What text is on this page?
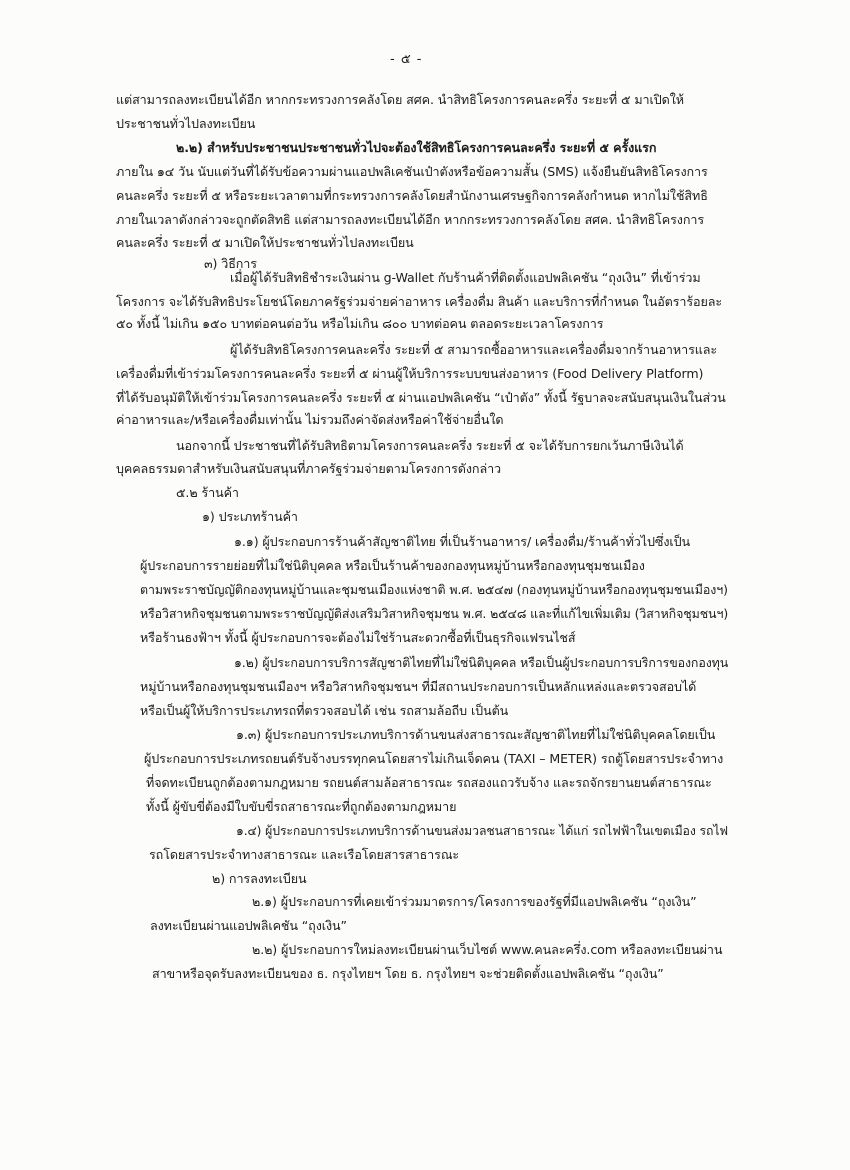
- ๕ -
แต่สามารถลงทะเบียนได้อีก หากกระทรวงการคลังโดย สศค. นำสิทธิโครงการคนละครึ่ง ระยะที่ ๕ มาเปิดให้
ประชาชนทั่วไปลงทะเบียน
๒.๒) สำหรับประชาชนประชาชนทั่วไปจะต้องใช้สิทธิโครงการคนละครึ่ง ระยะที่ ๕ ครั้งแรก
ภายใน ๑๔ วัน นับแต่วันที่ได้รับข้อความผ่านแอปพลิเคชันเป๋าตังหรือข้อความสั้น (SMS) แจ้งยืนยันสิทธิโครงการ
คนละครึ่ง ระยะที่ ๕ หรือระยะเวลาตามที่กระทรวงการคลังโดยสำนักงานเศรษฐกิจการคลังกำหนด หากไม่ใช้สิทธิ
ภายในเวลาดังกล่าวจะถูกตัดสิทธิ แต่สามารถลงทะเบียนได้อีก หากกระทรวงการคลังโดย สศค. นำสิทธิโครงการ
คนละครึ่ง ระยะที่ ๕ มาเปิดให้ประชาชนทั่วไปลงทะเบียน
๓) วิธีการ
เมื่อผู้ได้รับสิทธิชำระเงินผ่าน g-Wallet กับร้านค้าที่ติดตั้งแอปพลิเคชัน “ถุงเงิน” ที่เข้าร่วม
โครงการ จะได้รับสิทธิประโยชน์โดยภาครัฐร่วมจ่ายค่าอาหาร เครื่องดื่ม สินค้า และบริการที่กำหนด ในอัตราร้อยละ
๕๐ ทั้งนี้ ไม่เกิน ๑๕๐ บาทต่อคนต่อวัน หรือไม่เกิน ๘๐๐ บาทต่อคน ตลอดระยะเวลาโครงการ
ผู้ได้รับสิทธิโครงการคนละครึ่ง ระยะที่ ๕ สามารถซื้ออาหารและเครื่องดื่มจากร้านอาหารและ
เครื่องดื่มที่เข้าร่วมโครงการคนละครึ่ง ระยะที่ ๕ ผ่านผู้ให้บริการระบบขนส่งอาหาร (Food Delivery Platform)
ที่ได้รับอนุมัติให้เข้าร่วมโครงการคนละครึ่ง ระยะที่ ๕ ผ่านแอปพลิเคชัน “เป๋าตัง” ทั้งนี้ รัฐบาลจะสนับสนุนเงินในส่วน
ค่าอาหารและ/หรือเครื่องดื่มเท่านั้น ไม่รวมถึงค่าจัดส่งหรือค่าใช้จ่ายอื่นใด
นอกจากนี้ ประชาชนที่ได้รับสิทธิตามโครงการคนละครึ่ง ระยะที่ ๕ จะได้รับการยกเว้นภาษีเงินได้
บุคคลธรรมดาสำหรับเงินสนับสนุนที่ภาครัฐร่วมจ่ายตามโครงการดังกล่าว
๕.๒ ร้านค้า
๑) ประเภทร้านค้า
๑.๑) ผู้ประกอบการร้านค้าสัญชาติไทย ที่เป็นร้านอาหาร/ เครื่องดื่ม/ร้านค้าทั่วไปซึ่งเป็น
ผู้ประกอบการรายย่อยที่ไม่ใช่นิติบุคคล หรือเป็นร้านค้าของกองทุนหมู่บ้านหรือกองทุนชุมชนเมือง
ตามพระราชบัญญัติกองทุนหมู่บ้านและชุมชนเมืองแห่งชาติ พ.ศ. ๒๕๔๗ (กองทุนหมู่บ้านหรือกองทุนชุมชนเมืองฯ)
หรือวิสาหกิจชุมชนตามพระราชบัญญัติส่งเสริมวิสาหกิจชุมชน พ.ศ. ๒๕๔๘ และที่แก้ไขเพิ่มเติม (วิสาหกิจชุมชนฯ)
หรือร้านธงฟ้าฯ ทั้งนี้ ผู้ประกอบการจะต้องไม่ใช่ร้านสะดวกซื้อที่เป็นธุรกิจแฟรนไชส์
๑.๒) ผู้ประกอบการบริการสัญชาติไทยที่ไม่ใช่นิติบุคคล หรือเป็นผู้ประกอบการบริการของกองทุน
หมู่บ้านหรือกองทุนชุมชนเมืองฯ หรือวิสาหกิจชุมชนฯ ที่มีสถานประกอบการเป็นหลักแหล่งและตรวจสอบได้
หรือเป็นผู้ให้บริการประเภทรถที่ตรวจสอบได้ เช่น รถสามล้อถีบ เป็นต้น
๑.๓) ผู้ประกอบการประเภทบริการด้านขนส่งสาธารณะสัญชาติไทยที่ไม่ใช่นิติบุคคลโดยเป็น
ผู้ประกอบการประเภทรถยนต์รับจ้างบรรทุกคนโดยสารไม่เกินเจ็ดคน (TAXI – METER) รถตู้โดยสารประจำทาง
ที่จดทะเบียนถูกต้องตามกฎหมาย รถยนต์สามล้อสาธารณะ รถสองแถวรับจ้าง และรถจักรยานยนต์สาธารณะ
ทั้งนี้ ผู้ขับขี่ต้องมีใบขับขี่รถสาธารณะที่ถูกต้องตามกฎหมาย
๑.๔) ผู้ประกอบการประเภทบริการด้านขนส่งมวลชนสาธารณะ ได้แก่ รถไฟฟ้าในเขตเมือง รถไฟ
รถโดยสารประจำทางสาธารณะ และเรือโดยสารสาธารณะ
๒) การลงทะเบียน
๒.๑) ผู้ประกอบการที่เคยเข้าร่วมมาตรการ/โครงการของรัฐที่มีแอปพลิเคชัน “ถุงเงิน”
ลงทะเบียนผ่านแอปพลิเคชัน “ถุงเงิน”
๒.๒) ผู้ประกอบการใหม่ลงทะเบียนผ่านเว็บไซต์ www.คนละครึ่ง.com หรือลงทะเบียนผ่าน
สาขาหรือจุดรับลงทะเบียนของ ธ. กรุงไทยฯ โดย ธ. กรุงไทยฯ จะช่วยติดตั้งแอปพลิเคชัน “ถุงเงิน”
